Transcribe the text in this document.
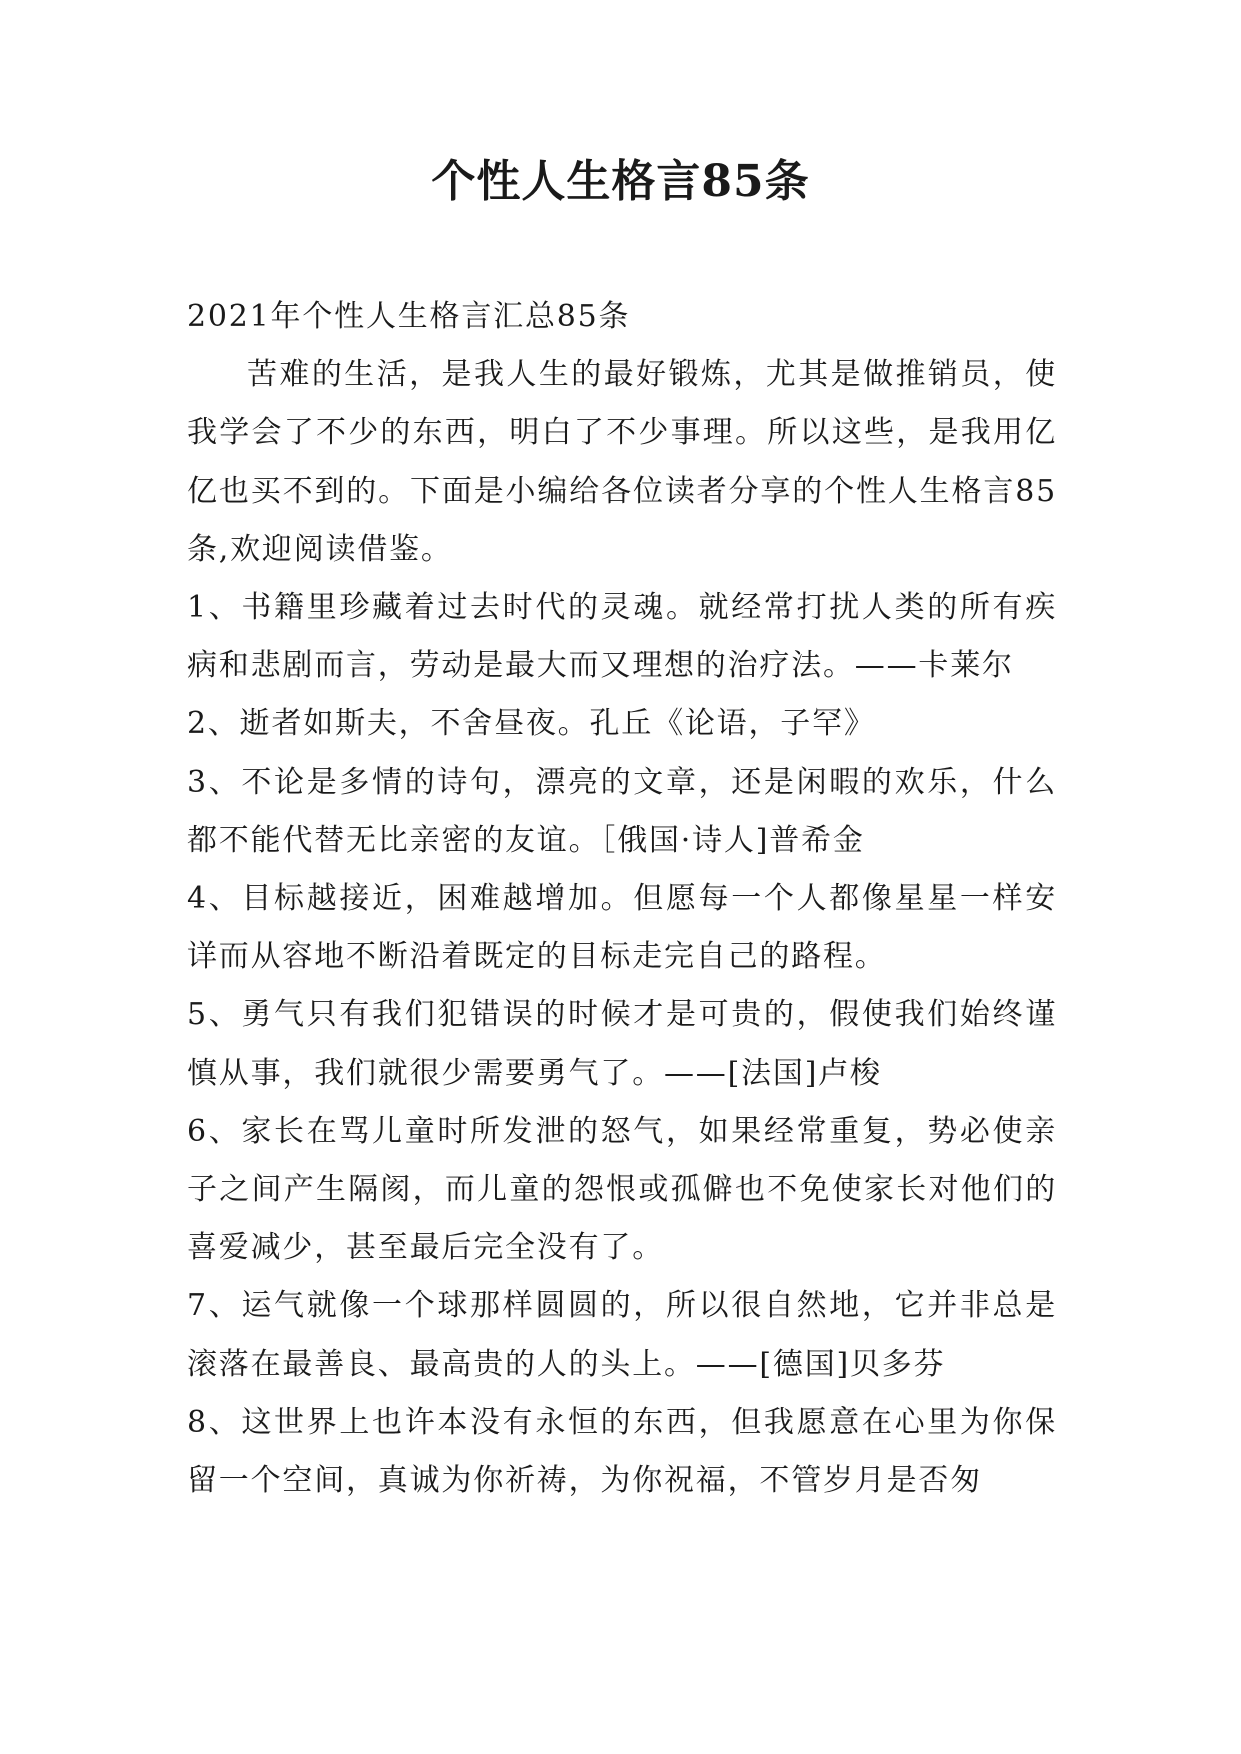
个性人生格言85条

2021年个性人生格言汇总85条

苦难的生活，是我人生的最好锻炼，尤其是做推销员，使我学会了不少的东西，明白了不少事理。所以这些，是我用亿亿也买不到的。下面是小编给各位读者分享的个性人生格言85条,欢迎阅读借鉴。

1、书籍里珍藏着过去时代的灵魂。就经常打扰人类的所有疾病和悲剧而言，劳动是最大而又理想的治疗法。——卡莱尔

2、逝者如斯夫，不舍昼夜。孔丘《论语，子罕》

3、不论是多情的诗句，漂亮的文章，还是闲暇的欢乐，什么都不能代替无比亲密的友谊。［俄国·诗人]普希金

4、目标越接近，困难越增加。但愿每一个人都像星星一样安详而从容地不断沿着既定的目标走完自己的路程。

5、勇气只有我们犯错误的时候才是可贵的，假使我们始终谨慎从事，我们就很少需要勇气了。——[法国]卢梭

6、家长在骂儿童时所发泄的怒气，如果经常重复，势必使亲子之间产生隔阂，而儿童的怨恨或孤僻也不免使家长对他们的喜爱减少，甚至最后完全没有了。

7、运气就像一个球那样圆圆的，所以很自然地，它并非总是滚落在最善良、最高贵的人的头上。——[德国]贝多芬

8、这世界上也许本没有永恒的东西，但我愿意在心里为你保留一个空间，真诚为你祈祷，为你祝福，不管岁月是否匆
